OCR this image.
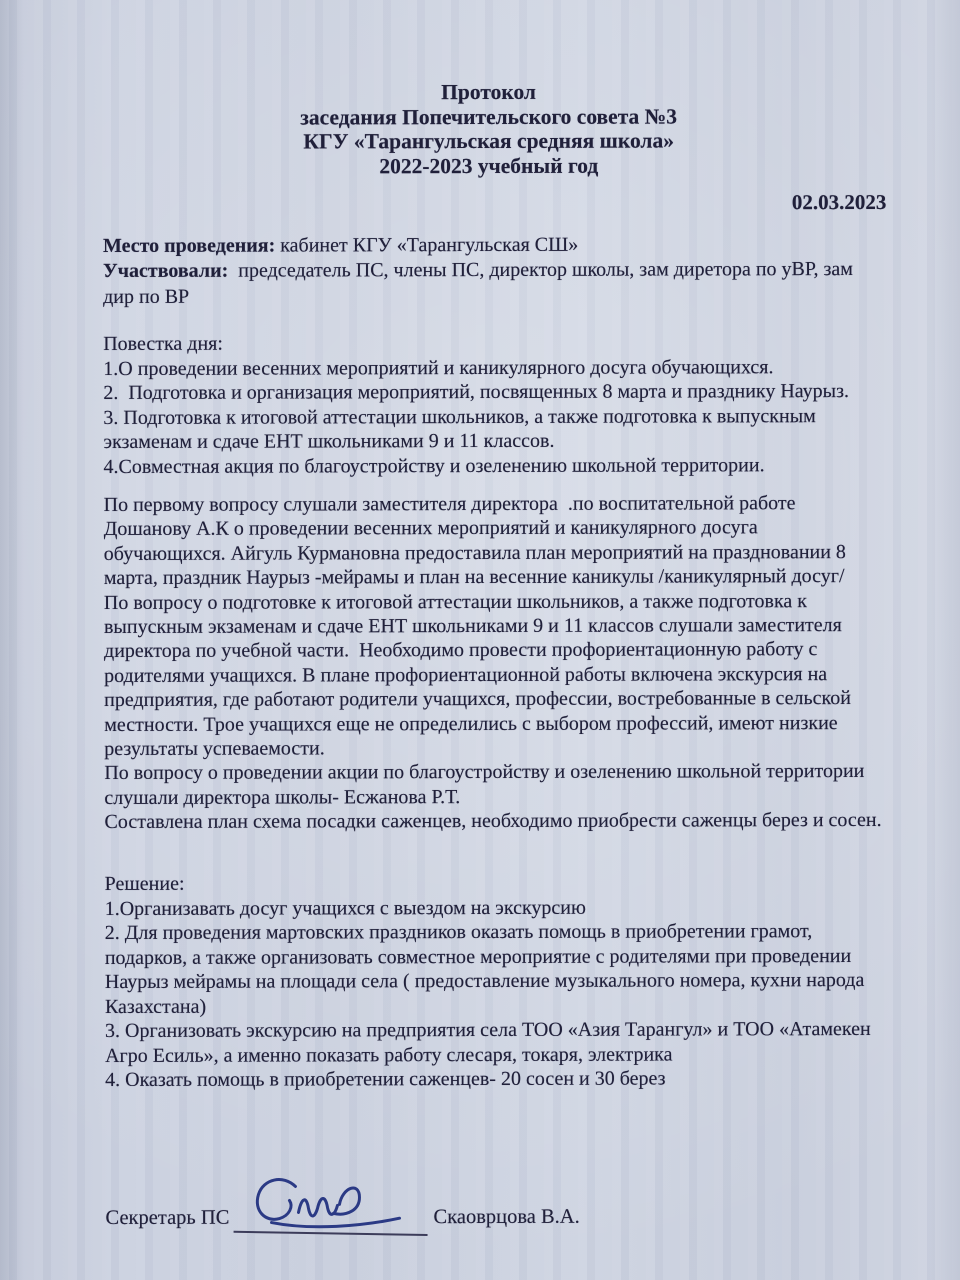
Протокол
заседания Попечительского совета №3
КГУ «Тарангульская средняя школа»
2022-2023 учебный год
02.03.2023
Место проведения: кабинет КГУ «Тарангульская СШ»
Участвовали:  председатель ПС, члены ПС, директор школы, зам диретора по уВР, зам
дир по ВР
Повестка дня:
1.О проведении весенних мероприятий и каникулярного досуга обучающихся.
2.  Подготовка и организация мероприятий, посвященных 8 марта и празднику Наурыз.
3. Подготовка к итоговой аттестации школьников, а также подготовка к выпускным
экзаменам и сдаче ЕНТ школьниками 9 и 11 классов.
4.Совместная акция по благоустройству и озеленению школьной территории.
По первому вопросу слушали заместителя директора  .по воспитательной работе
Дошанову А.К о проведении весенних мероприятий и каникулярного досуга
обучающихся. Айгуль Курмановна предоставила план мероприятий на праздновании 8
марта, праздник Наурыз -мейрамы и план на весенние каникулы /каникулярный досуг/
По вопросу о подготовке к итоговой аттестации школьников, а также подготовка к
выпускным экзаменам и сдаче ЕНТ школьниками 9 и 11 классов слушали заместителя
директора по учебной части.  Необходимо провести профориентационную работу с
родителями учащихся. В плане профориентационной работы включена экскурсия на
предприятия, где работают родители учащихся, профессии, востребованные в сельской
местности. Трое учащихся еще не определились с выбором профессий, имеют низкие
результаты успеваемости.
По вопросу о проведении акции по благоустройству и озеленению школьной территории
слушали директора школы- Есжанова Р.Т.
Составлена план схема посадки саженцев, необходимо приобрести саженцы берез и сосен.
Решение:
1.Организавать досуг учащихся с выездом на экскурсию
2. Для проведения мартовских праздников оказать помощь в приобретении грамот,
подарков, а также организовать совместное мероприятие с родителями при проведении
Наурыз мейрамы на площади села ( предоставление музыкального номера, кухни народа
Казахстана)
3. Организовать экскурсию на предприятия села ТОО «Азия Тарангул» и ТОО «Атамекен
Агро Есиль», а именно показать работу слесаря, токаря, электрика
4. Оказать помощь в приобретении саженцев- 20 сосен и 30 берез
Секретарь ПС	Скаоврцова В.А.
